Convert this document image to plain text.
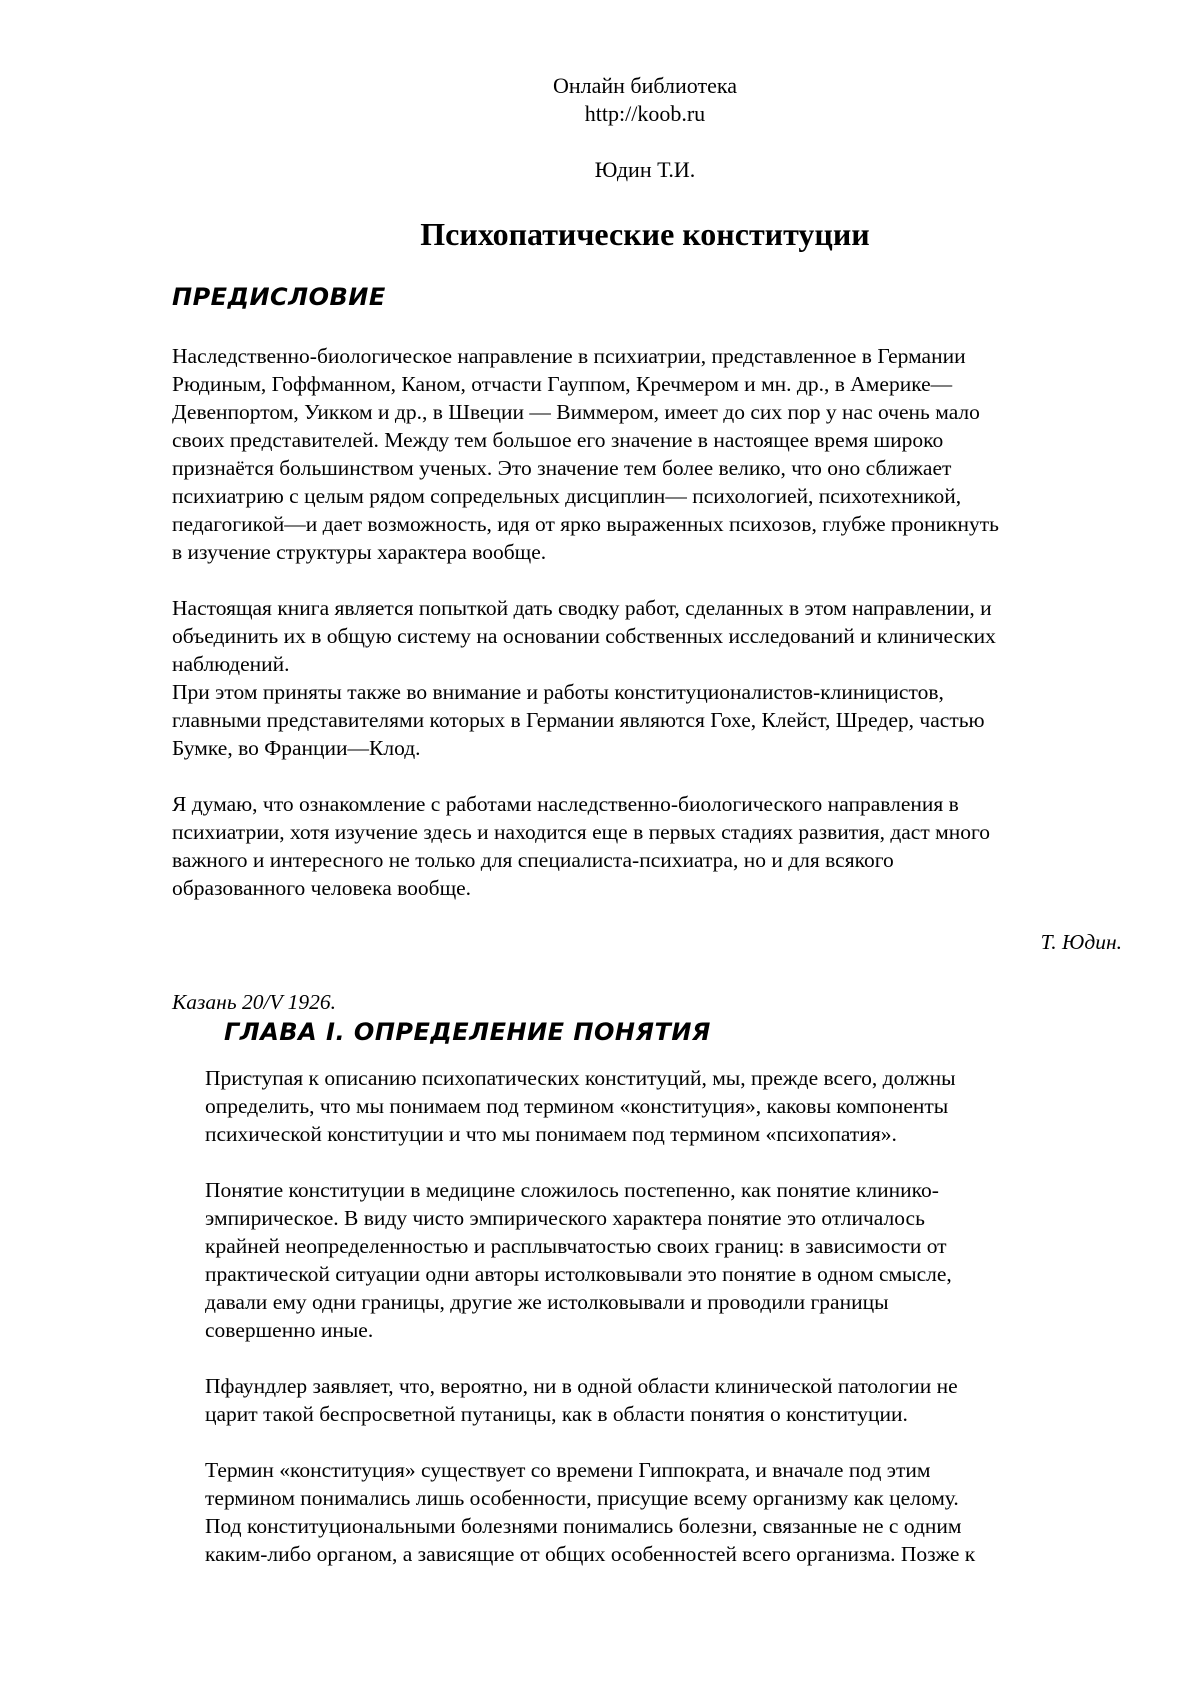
Онлайн библиотека
http://koob.ru
Юдин Т.И.
Психопатические конституции
ПРЕДИСЛОВИЕ
Наследственно-биологическое направление в психиатрии, представленное в Германии
Рюдиным, Гоффманном, Каном, отчасти Гауппом, Кречмером и мн. др., в Америке—
Девенпортом, Уикком и др., в Швеции — Виммером, имеет до сих пор у нас очень мало
своих представителей. Между тем большое его значение в настоящее время широко
признаётся большинством ученых. Это значение тем более велико, что оно сближает
психиатрию с целым рядом сопредельных дисциплин— психологией, психотехникой,
педагогикой—и дает возможность, идя от ярко выраженных психозов, глубже проникнуть
в изучение структуры характера вообще.
Настоящая книга является попыткой дать сводку работ, сделанных в этом направлении, и
объединить их в общую систему на основании собственных исследований и клинических
наблюдений.
При этом приняты также во внимание и работы конституционалистов-клиницистов,
главными представителями которых в Германии являются Гохе, Клейст, Шредер, частью
Бумке, во Франции—Клод.
Я думаю, что ознакомление с работами наследственно-биологического направления в
психиатрии, хотя изучение здесь и находится еще в первых стадиях развития, даст много
важного и интересного не только для специалиста-психиатра, но и для всякого
образованного человека вообще.
Т. Юдин.
Казань 20/V 1926.
ГЛАВА I. ОПРЕДЕЛЕНИЕ ПОНЯТИЯ
Приступая к описанию психопатических конституций, мы, прежде всего, должны
определить, что мы понимаем под термином «конституция», каковы компоненты
психической конституции и что мы понимаем под термином «психопатия».
Понятие конституции в медицине сложилось постепенно, как понятие клинико-
эмпирическое. В виду чисто эмпирического характера понятие это отличалось
крайней неопределенностью и расплывчатостью своих границ: в зависимости от
практической ситуации одни авторы истолковывали это понятие в одном смысле,
давали ему одни границы, другие же истолковывали и проводили границы
совершенно иные.
Пфаундлер заявляет, что, вероятно, ни в одной области клинической патологии не
царит такой беспросветной путаницы, как в области понятия о конституции.
Термин «конституция» существует со времени Гиппократа, и вначале под этим
термином понимались лишь особенности, присущие всему организму как целому.
Под конституциональными болезнями понимались болезни, связанные не с одним
каким-либо органом, а зависящие от общих особенностей всего организма. Позже к
